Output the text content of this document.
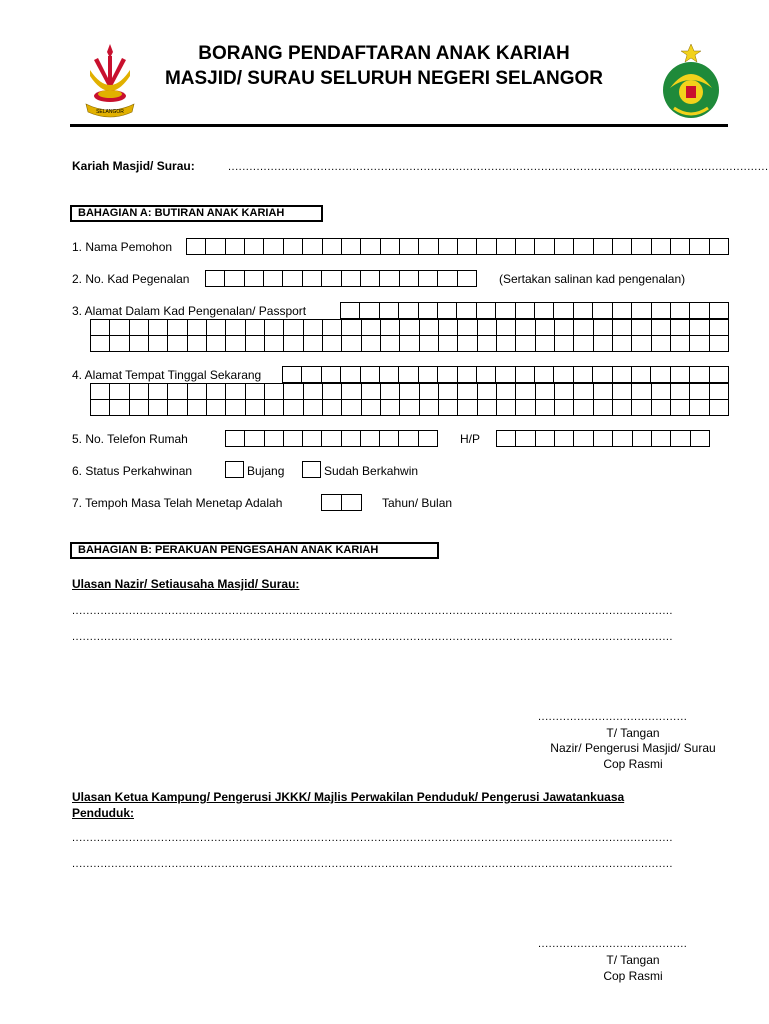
SELANGOR
BORANG PENDAFTARAN ANAK KARIAH
MASJID/ SURAU SELURUH NEGERI SELANGOR
Kariah Masjid/ Surau:	........................................................................................................................................................
BAHAGIAN A: BUTIRAN ANAK KARIAH
1. Nama Pemohon
2. No. Kad Pegenalan	(Sertakan salinan kad pengenalan)
3. Alamat Dalam Kad Pengenalan/ Passport
4. Alamat Tempat Tinggal Sekarang
5. No. Telefon Rumah	H/P
6. Status Perkahwinan	Bujang	Sudah Berkahwin
7. Tempoh Masa Telah Menetap Adalah	Tahun/ Bulan
BAHAGIAN B: PERAKUAN PENGESAHAN ANAK KARIAH
Ulasan Nazir/ Setiausaha Masjid/ Surau:
.........................................................................................................................................................................
.........................................................................................................................................................................
..........................................
T/ Tangan
Nazir/ Pengerusi Masjid/ Surau
Cop Rasmi
Ulasan Ketua Kampung/ Pengerusi JKKK/ Majlis Perwakilan Penduduk/ Pengerusi Jawatankuasa
Penduduk:
.........................................................................................................................................................................
.........................................................................................................................................................................
..........................................
T/ Tangan
Cop Rasmi
